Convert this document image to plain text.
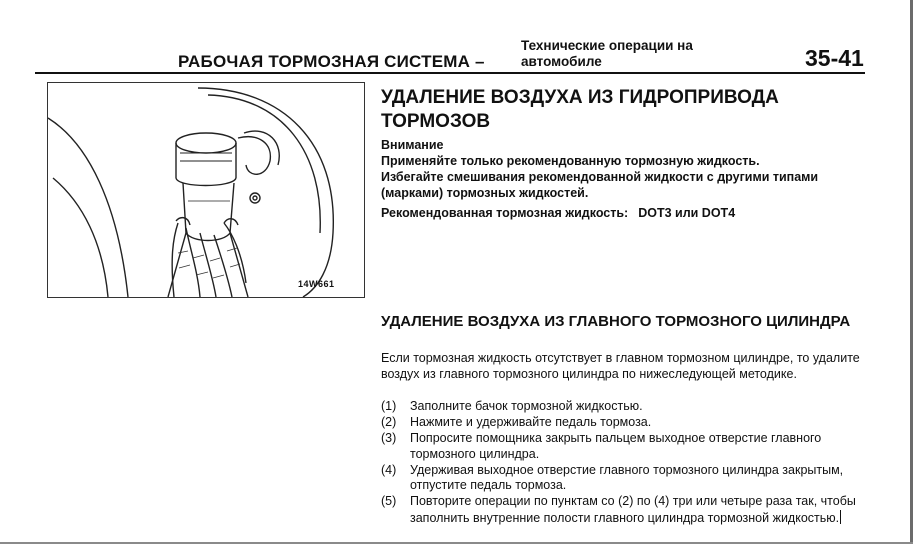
РАБОЧАЯ ТОРМОЗНАЯ СИСТЕМА –
Технические операции на
автомобиле	35-41
14W661
УДАЛЕНИЕ ВОЗДУХА ИЗ ГИДРОПРИВОДА ТОРМОЗОВ
Внимание
Применяйте только рекомендованную тормозную жидкость.
Избегайте смешивания рекомендованной жидкости с другими типами (марками) тормозных жидкостей.
Рекомендованная тормозная жидкость: DOT3 или DOT4
УДАЛЕНИЕ ВОЗДУХА ИЗ ГЛАВНОГО ТОРМОЗНОГО ЦИЛИНДРА
Если тормозная жидкость отсутствует в главном тормозном цилиндре, то удалите воздух из главного тормозного цилиндра по нижеследующей методике.
(1)	Заполните бачок тормозной жидкостью.
(2)	Нажмите и удерживайте педаль тормоза.
(3)	Попросите помощника закрыть пальцем выходное отверстие главного тормозного цилиндра.
(4)	Удерживая выходное отверстие главного тормозного цилиндра закрытым, отпустите педаль тормоза.
(5)	Повторите операции по пунктам со (2) по (4) три или четыре раза так, чтобы заполнить внутренние полости главного цилиндра тормозной жидкостью.
